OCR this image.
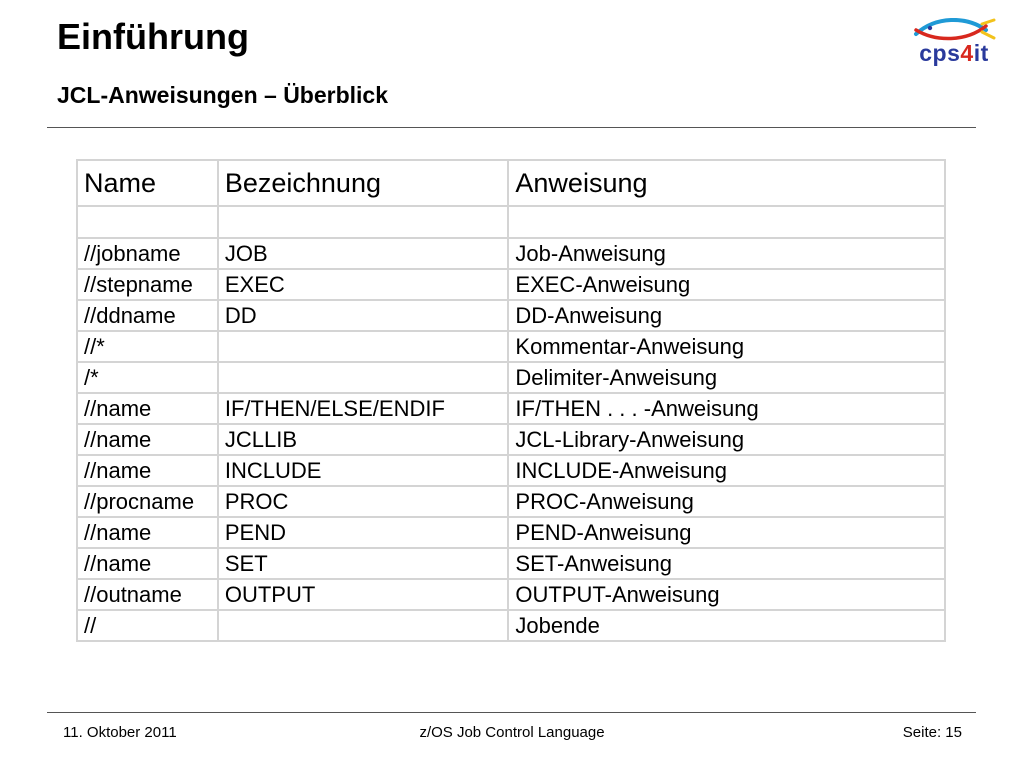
Einführung
JCL-Anweisungen – Überblick
cps4it
Name	Bezeichnung	Anweisung

//jobname	JOB	Job-Anweisung
//stepname	EXEC	EXEC-Anweisung
//ddname	DD	DD-Anweisung
//*		Kommentar-Anweisung
/*		Delimiter-Anweisung
//name	IF/THEN/ELSE/ENDIF	IF/THEN . . . -Anweisung
//name	JCLLIB	JCL-Library-Anweisung
//name	INCLUDE	INCLUDE-Anweisung
//procname	PROC	PROC-Anweisung
//name	PEND	PEND-Anweisung
//name	SET	SET-Anweisung
//outname	OUTPUT	OUTPUT-Anweisung
//		Jobende
11. Oktober 2011	z/OS Job Control Language	Seite: 15
